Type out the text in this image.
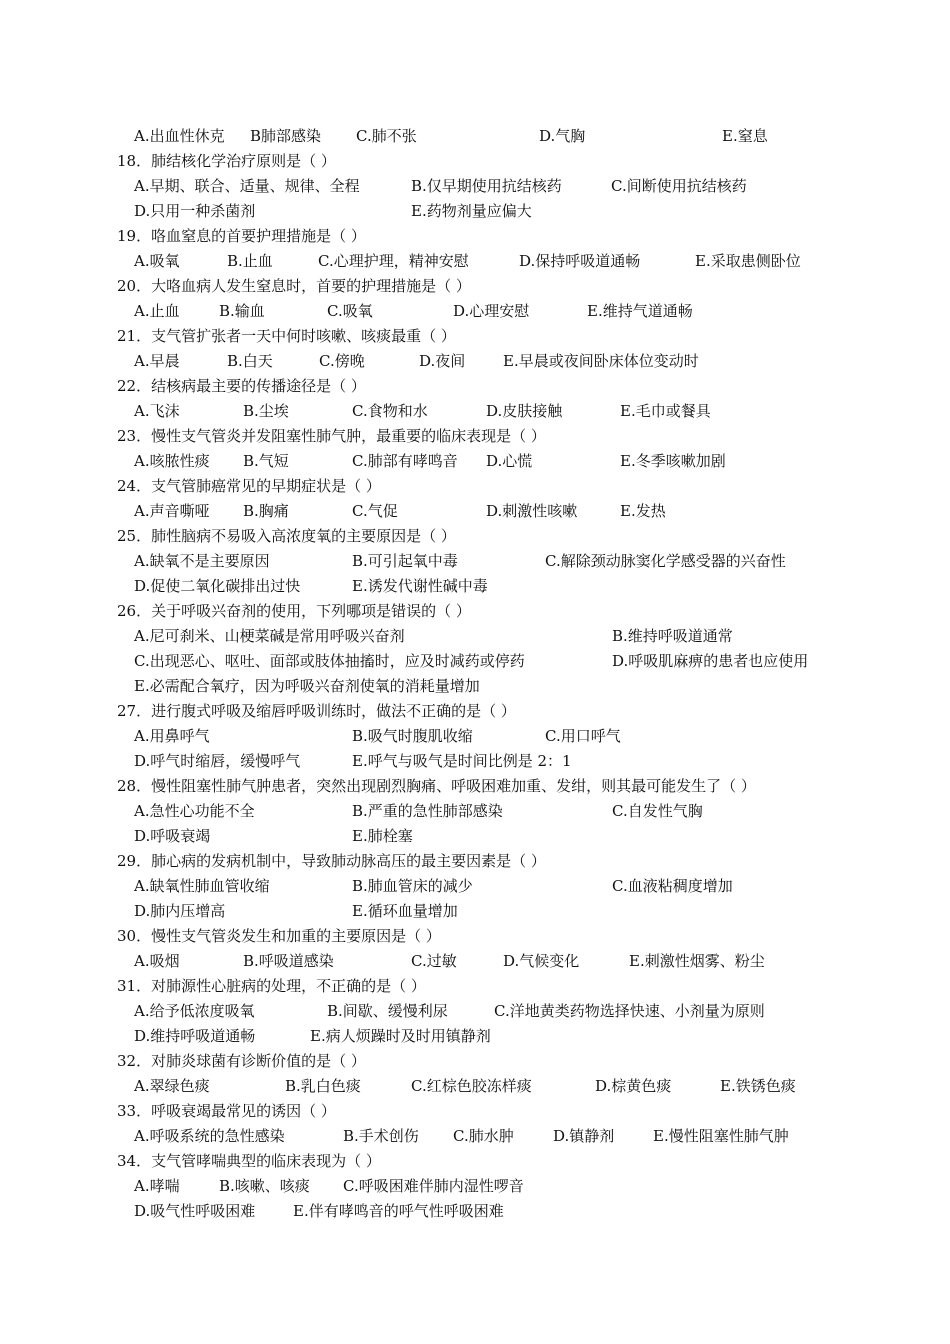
A.出血性休克 B肺部感染 C.肺不张	D.气胸	E.窒息
18．肺结核化学治疗原则是（ ）
A.早期、联合、适量、规律、全程	B.仅早期使用抗结核药	C.间断使用抗结核药
D.只用一种杀菌剂	E.药物剂量应偏大
19．咯血窒息的首要护理措施是（ ）
A.吸氧	B.止血	C.心理护理，精神安慰	D.保持呼吸道通畅	E.采取患侧卧位
20．大咯血病人发生窒息时，首要的护理措施是（ ）
A.止血	B.输血	C.吸氧	D.心理安慰	E.维持气道通畅
21．支气管扩张者一天中何时咳嗽、咳痰最重（ ）
A.早晨	B.白天	C.傍晚	D.夜间	E.早晨或夜间卧床体位变动时
22．结核病最主要的传播途径是（ ）
A.飞沫	B.尘埃	C.食物和水	D.皮肤接触	E.毛巾或餐具
23．慢性支气管炎并发阻塞性肺气肿，最重要的临床表现是（ ）
A.咳脓性痰 B.气短	C.肺部有哮鸣音 D.心慌	E.冬季咳嗽加剧
24．支气管肺癌常见的早期症状是（ ）
A.声音嘶哑 B.胸痛	C.气促	D.刺激性咳嗽	E.发热
25．肺性脑病不易吸入高浓度氧的主要原因是（ ）
A.缺氧不是主要原因	B.可引起氧中毒	C.解除颈动脉窦化学感受器的兴奋性
D.促使二氧化碳排出过快	E.诱发代谢性碱中毒
26．关于呼吸兴奋剂的使用，下列哪项是错误的（ ）
A.尼可刹米、山梗菜碱是常用呼吸兴奋剂	B.维持呼吸道通常
C.出现恶心、呕吐、面部或肢体抽搐时，应及时减药或停药	D.呼吸肌麻痹的患者也应使用
E.必需配合氧疗，因为呼吸兴奋剂使氧的消耗量增加
27．进行腹式呼吸及缩唇呼吸训练时，做法不正确的是（ ）
A.用鼻呼气	B.吸气时腹肌收缩	C.用口呼气
D.呼气时缩唇，缓慢呼气	E.呼气与吸气是时间比例是 2：1
28．慢性阻塞性肺气肿患者，突然出现剧烈胸痛、呼吸困难加重、发绀，则其最可能发生了（ ）
A.急性心功能不全	B.严重的急性肺部感染	C.自发性气胸
D.呼吸衰竭	E.肺栓塞
29．肺心病的发病机制中，导致肺动脉高压的最主要因素是（ ）
A.缺氧性肺血管收缩	B.肺血管床的减少	C.血液粘稠度增加
D.肺内压增高	E.循环血量增加
30．慢性支气管炎发生和加重的主要原因是（ ）
A.吸烟	B.呼吸道感染	C.过敏	D.气候变化	E.刺激性烟雾、粉尘
31．对肺源性心脏病的处理，不正确的是（ ）
A.给予低浓度吸氧	B.间歇、缓慢利尿	C.洋地黄类药物选择快速、小剂量为原则
D.维持呼吸道通畅	E.病人烦躁时及时用镇静剂
32．对肺炎球菌有诊断价值的是（ ）
A.翠绿色痰	B.乳白色痰	C.红棕色胶冻样痰	D.棕黄色痰	E.铁锈色痰
33．呼吸衰竭最常见的诱因（ ）
A.呼吸系统的急性感染	B.手术创伤 C.肺水肿	D.镇静剂	E.慢性阻塞性肺气肿
34．支气管哮喘典型的临床表现为（ ）
A.哮喘	B.咳嗽、咳痰 C.呼吸困难伴肺内湿性啰音
D.吸气性呼吸困难	E.伴有哮鸣音的呼气性呼吸困难
